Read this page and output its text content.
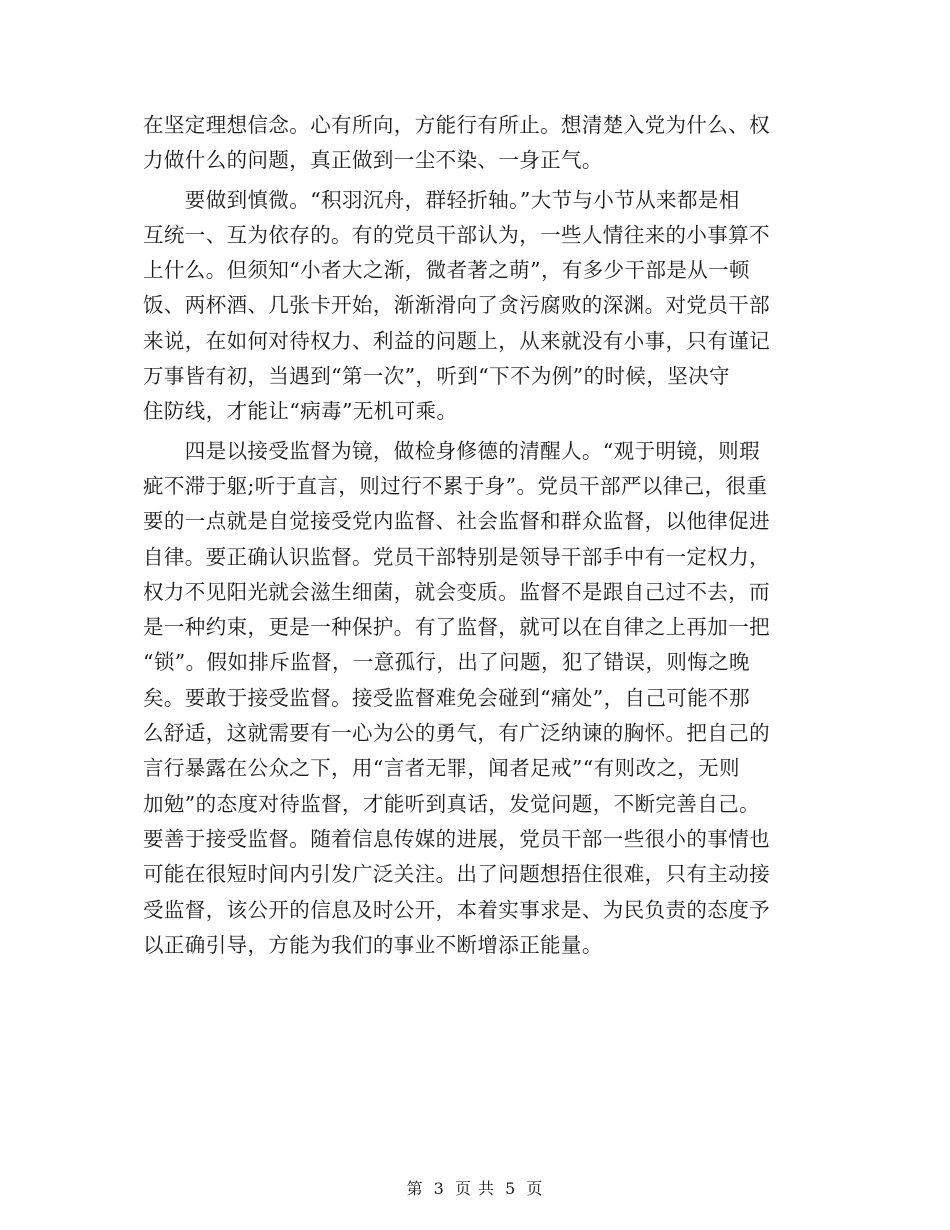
在坚定理想信念。心有所向，方能行有所止。想清楚入党为什么、权
力做什么的问题，真正做到一尘不染、一身正气。

　　要做到慎微。“积羽沉舟，群轻折轴。”大节与小节从来都是相
互统一、互为依存的。有的党员干部认为，一些人情往来的小事算不
上什么。但须知“小者大之渐，微者著之萌”，有多少干部是从一顿
饭、两杯酒、几张卡开始，渐渐滑向了贪污腐败的深渊。对党员干部
来说，在如何对待权力、利益的问题上，从来就没有小事，只有谨记
万事皆有初，当遇到“第一次”，听到“下不为例”的时候，坚决守
住防线，才能让“病毒”无机可乘。

　　四是以接受监督为镜，做检身修德的清醒人。“观于明镜，则瑕
疵不滞于躯;听于直言，则过行不累于身”。党员干部严以律己，很重
要的一点就是自觉接受党内监督、社会监督和群众监督，以他律促进
自律。要正确认识监督。党员干部特别是领导干部手中有一定权力，
权力不见阳光就会滋生细菌，就会变质。监督不是跟自己过不去，而
是一种约束，更是一种保护。有了监督，就可以在自律之上再加一把
“锁”。假如排斥监督，一意孤行，出了问题，犯了错误，则悔之晚
矣。要敢于接受监督。接受监督难免会碰到“痛处”，自己可能不那
么舒适，这就需要有一心为公的勇气，有广泛纳谏的胸怀。把自己的
言行暴露在公众之下，用“言者无罪，闻者足戒”“有则改之，无则
加勉”的态度对待监督，才能听到真话，发觉问题，不断完善自己。
要善于接受监督。随着信息传媒的进展，党员干部一些很小的事情也
可能在很短时间内引发广泛关注。出了问题想捂住很难，只有主动接
受监督，该公开的信息及时公开，本着实事求是、为民负责的态度予
以正确引导，方能为我们的事业不断增添正能量。

第 3 页 共 5 页
